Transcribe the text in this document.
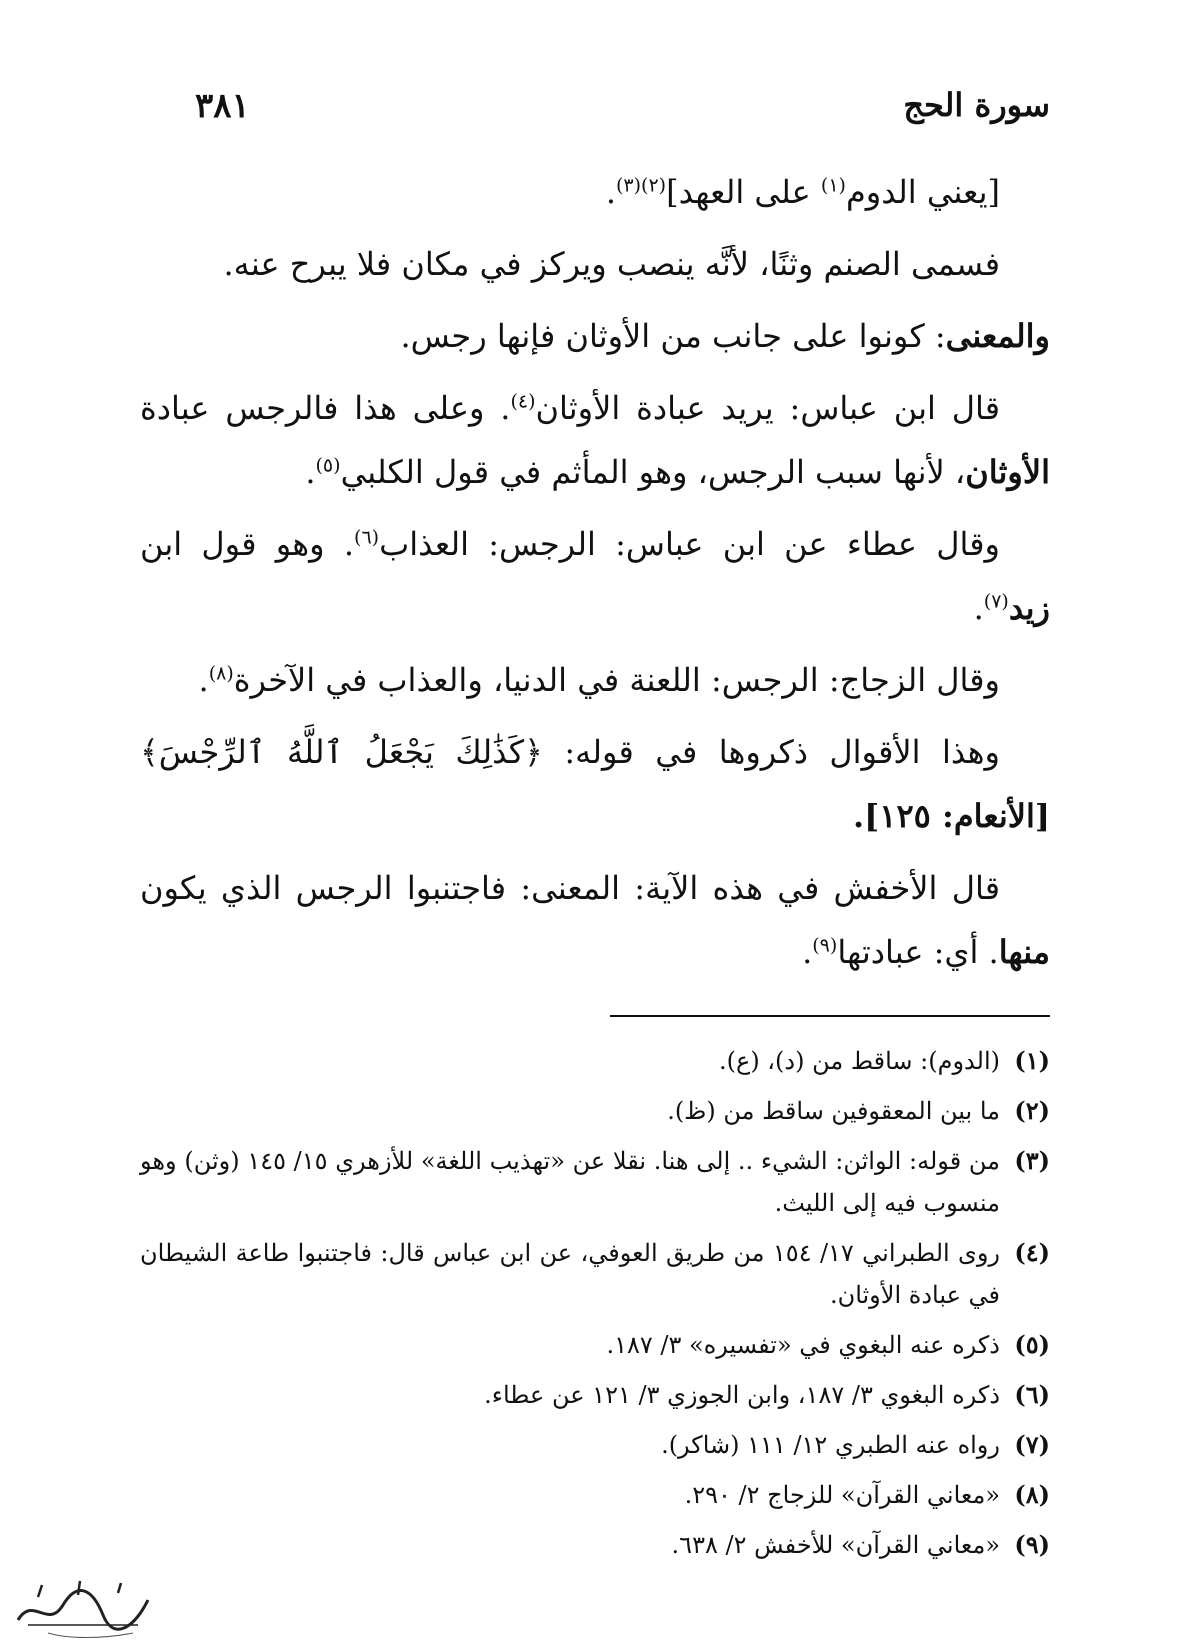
سورة الحج
٣٨١

[يعني الدوم$^{(١)}$ على العهد]$^{(٢)(٣)}$.

فسمى الصنم وثنًا، لأنَّه ينصب ويركز في مكان فلا يبرح عنه.

والمعنى: كونوا على جانب من الأوثان فإنها رجس.

قال ابن عباس: يريد عبادة الأوثان$^{(٤)}$. وعلى هذا فالرجس عبادة الأوثان، لأنها سبب الرجس، وهو المأثم في قول الكلبي$^{(٥)}$.

وقال عطاء عن ابن عباس: الرجس: العذاب$^{(٦)}$. وهو قول ابن زيد$^{(٧)}$.

وقال الزجاج: الرجس: اللعنة في الدنيا، والعذاب في الآخرة$^{(٨)}$.

وهذا الأقوال ذكروها في قوله: ﴿كَذَٰلِكَ يَجْعَلُ ٱللَّهُ ٱلرِّجْسَ﴾ [الأنعام: ١٢٥].

قال الأخفش في هذه الآية: المعنى: فاجتنبوا الرجس الذي يكون منها. أي: عبادتها$^{(٩)}$.

(١)
(الدوم): ساقط من (د)، (ع).
(٢)
ما بين المعقوفين ساقط من (ظ).
(٣)
من قوله: الواثن: الشيء .. إلى هنا. نقلا عن «تهذيب اللغة» للأزهري ١٥/ ١٤٥ (وثن) وهو منسوب فيه إلى الليث.
(٤)
روى الطبراني ١٧/ ١٥٤ من طريق العوفي، عن ابن عباس قال: فاجتنبوا طاعة الشيطان في عبادة الأوثان.
(٥)
ذكره عنه البغوي في «تفسيره» ٣/ ١٨٧.
(٦)
ذكره البغوي ٣/ ١٨٧، وابن الجوزي ٣/ ١٢١ عن عطاء.
(٧)
رواه عنه الطبري ١٢/ ١١١ (شاكر).
(٨)
«معاني القرآن» للزجاج ٢/ ٢٩٠.
(٩)
«معاني القرآن» للأخفش ٢/ ٦٣٨.
